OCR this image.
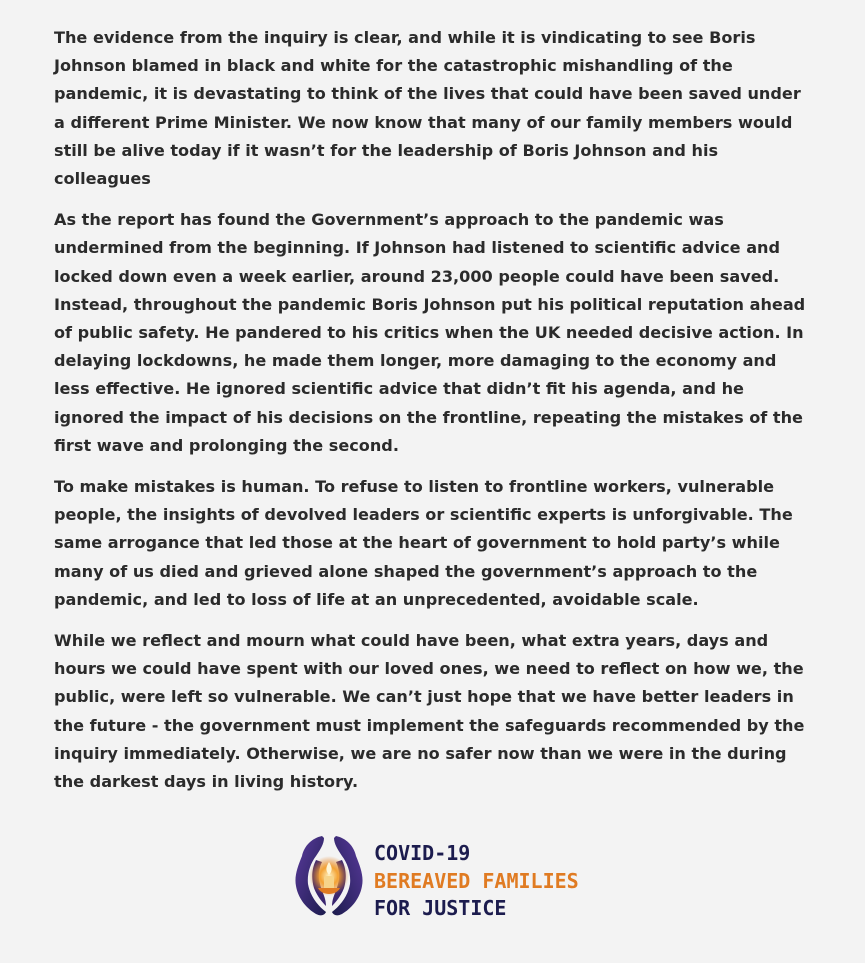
The evidence from the inquiry is clear, and while it is vindicating to see Boris Johnson blamed in black and white for the catastrophic mishandling of the pandemic, it is devastating to think of the lives that could have been saved under a different Prime Minister. We now know that many of our family members would still be alive today if it wasn’t for the leadership of Boris Johnson and his colleagues

As the report has found the Government’s approach to the pandemic was undermined from the beginning. If Johnson had listened to scientific advice and locked down even a week earlier, around 23,000 people could have been saved. Instead, throughout the pandemic Boris Johnson put his political reputation ahead of public safety. He pandered to his critics when the UK needed decisive action. In delaying lockdowns, he made them longer, more damaging to the economy and less effective. He ignored scientific advice that didn’t fit his agenda, and he ignored the impact of his decisions on the frontline, repeating the mistakes of the first wave and prolonging the second.

To make mistakes is human. To refuse to listen to frontline workers, vulnerable people, the insights of devolved leaders or scientific experts is unforgivable. The same arrogance that led those at the heart of government to hold party’s while many of us died and grieved alone shaped the government’s approach to the pandemic, and led to loss of life at an unprecedented, avoidable scale.

While we reflect and mourn what could have been, what extra years, days and hours we could have spent with our loved ones, we need to reflect on how we, the public, were left so vulnerable. We can’t just hope that we have better leaders in the future - the government must implement the safeguards recommended by the inquiry immediately. Otherwise, we are no safer now than we were in the during the darkest days in living history.

COVID-19
BEREAVED FAMILIES
FOR JUSTICE
